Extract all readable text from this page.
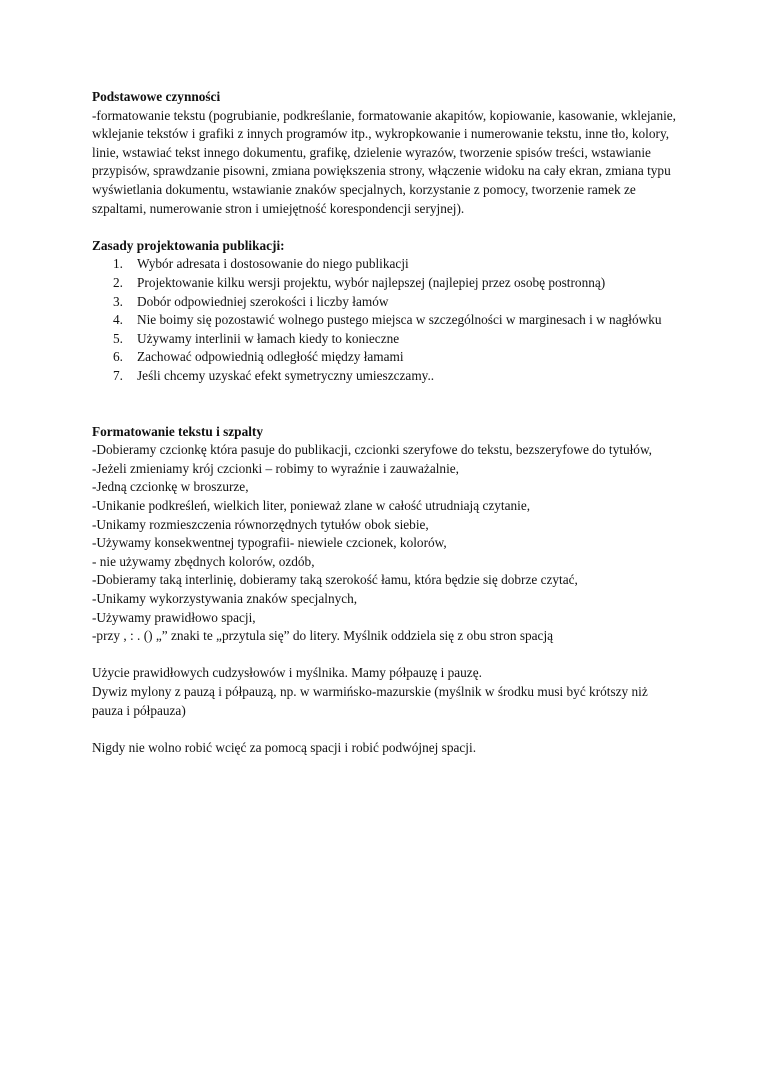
Podstawowe czynności

-formatowanie tekstu (pogrubianie, podkreślanie, formatowanie akapitów, kopiowanie, kasowanie, wklejanie, wklejanie tekstów i grafiki z innych programów itp., wykropkowanie i numerowanie tekstu, inne tło, kolory, linie, wstawiać tekst innego dokumentu, grafikę, dzielenie wyrazów, tworzenie spisów treści, wstawianie przypisów, sprawdzanie pisowni, zmiana powiększenia strony, włączenie widoku na cały ekran, zmiana typu wyświetlania dokumentu, wstawianie znaków specjalnych, korzystanie z pomocy, tworzenie ramek ze szpaltami, numerowanie stron i umiejętność korespondencji seryjnej).

Zasady projektowania publikacji:

1. Wybór adresata i dostosowanie do niego publikacji
2. Projektowanie kilku wersji projektu, wybór najlepszej (najlepiej przez osobę postronną)
3. Dobór odpowiedniej szerokości i liczby łamów
4. Nie boimy się pozostawić wolnego pustego miejsca w szczególności w marginesach i w nagłówku
5. Używamy interlinii w łamach kiedy to konieczne
6. Zachować odpowiednią odległość między łamami
7. Jeśli chcemy uzyskać efekt symetryczny umieszczamy..

Formatowanie tekstu i szpalty

-Dobieramy czcionkę która pasuje do publikacji, czcionki szeryfowe do tekstu, bezszeryfowe do tytułów,
-Jeżeli zmieniamy krój czcionki – robimy to wyraźnie i zauważalnie,
-Jedną czcionkę w broszurze,
-Unikanie podkreśleń, wielkich liter, ponieważ zlane w całość utrudniają czytanie,
-Unikamy rozmieszczenia równorzędnych tytułów obok siebie,
-Używamy konsekwentnej typografii- niewiele czcionek, kolorów,
- nie używamy zbędnych kolorów, ozdób,
-Dobieramy taką interlinię, dobieramy taką szerokość łamu, która będzie się dobrze czytać,
-Unikamy wykorzystywania znaków specjalnych,
-Używamy prawidłowo spacji,
-przy , : . () „” znaki te „przytula się” do litery. Myślnik oddziela się z obu stron spacją
Użycie prawidłowych cudzysłowów i myślnika. Mamy półpauzę i pauzę.
Dywiz mylony z pauzą i półpauzą, np. w warmińsko-mazurskie (myślnik w środku musi być krótszy niż pauza i półpauza)

Nigdy nie wolno robić wcięć za pomocą spacji i robić podwójnej spacji.
